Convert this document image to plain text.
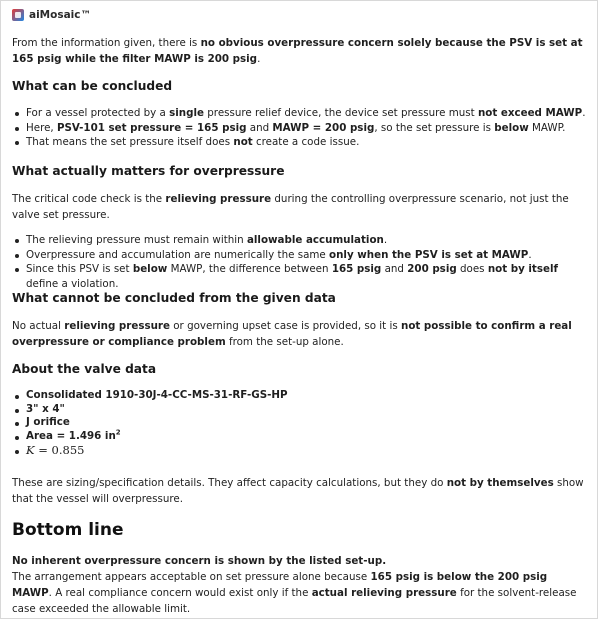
aiMosaic™

From the information given, there is no obvious overpressure concern solely because the PSV is set at 165 psig while the filter MAWP is 200 psig.

What can be concluded
For a vessel protected by a single pressure relief device, the device set pressure must not exceed MAWP.
Here, PSV-101 set pressure = 165 psig and MAWP = 200 psig, so the set pressure is below MAWP.
That means the set pressure itself does not create a code issue.
What actually matters for overpressure

The critical code check is the relieving pressure during the controlling overpressure scenario, not just the valve set pressure.

The relieving pressure must remain within allowable accumulation.
Overpressure and accumulation are numerically the same only when the PSV is set at MAWP.
Since this PSV is set below MAWP, the difference between 165 psig and 200 psig does not by itself define a violation.
What cannot be concluded from the given data

No actual relieving pressure or governing upset case is provided, so it is not possible to confirm a real overpressure or compliance problem from the set-up alone.

About the valve data
Consolidated 1910-30J-4-CC-MS-31-RF-GS-HP
3" x 4"
J orifice
Area = 1.496 $in^2$
K = 0.855

These are sizing/specification details. They affect capacity calculations, but they do not by themselves show that the vessel will overpressure.

Bottom line

No inherent overpressure concern is shown by the listed set-up.
The arrangement appears acceptable on set pressure alone because 165 psig is below the 200 psig MAWP. A real compliance concern would exist only if the actual relieving pressure for the solvent-release case exceeded the allowable limit.
